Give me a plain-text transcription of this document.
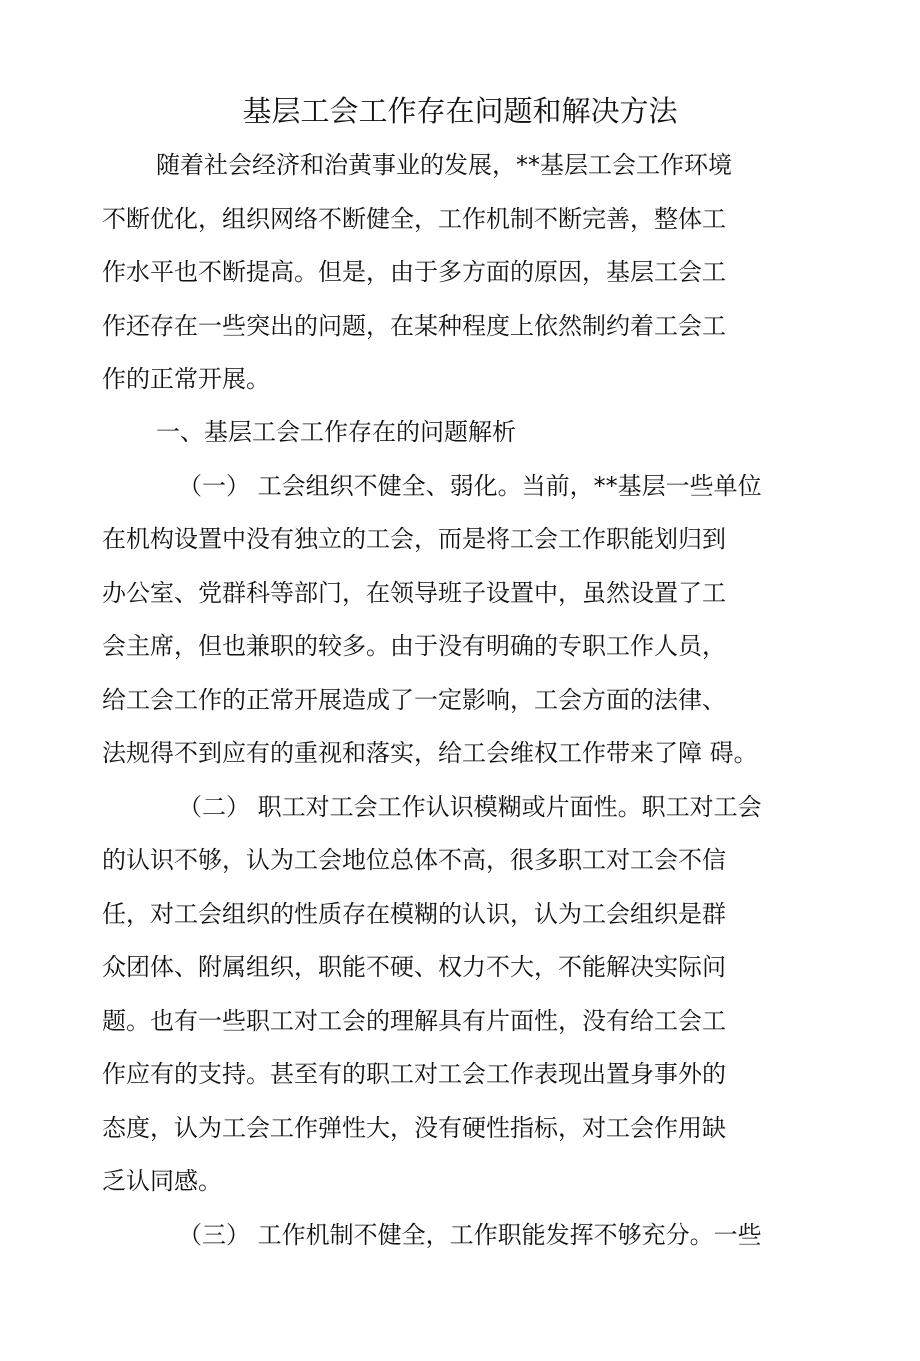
基层工会工作存在问题和解决方法
随着社会经济和治黄事业的发展，**基层工会工作环境
不断优化，组织网络不断健全，工作机制不断完善，整体工
作水平也不断提高。但是，由于多方面的原因，基层工会工
作还存在一些突出的问题，在某种程度上依然制约着工会工
作的正常开展。
一、基层工会工作存在的问题解析
（一） 工会组织不健全、弱化。当前，**基层一些单位
在机构设置中没有独立的工会，而是将工会工作职能划归到
办公室、党群科等部门，在领导班子设置中，虽然设置了工
会主席，但也兼职的较多。由于没有明确的专职工作人员，
给工会工作的正常开展造成了一定影响，工会方面的法律、
法规得不到应有的重视和落实，给工会维权工作带来了障 碍。
（二） 职工对工会工作认识模糊或片面性。职工对工会
的认识不够，认为工会地位总体不高，很多职工对工会不信
任，对工会组织的性质存在模糊的认识，认为工会组织是群
众团体、附属组织，职能不硬、权力不大，不能解决实际问
题。也有一些职工对工会的理解具有片面性，没有给工会工
作应有的支持。甚至有的职工对工会工作表现出置身事外的
态度，认为工会工作弹性大，没有硬性指标，对工会作用缺
乏认同感。
（三） 工作机制不健全，工作职能发挥不够充分。一些
